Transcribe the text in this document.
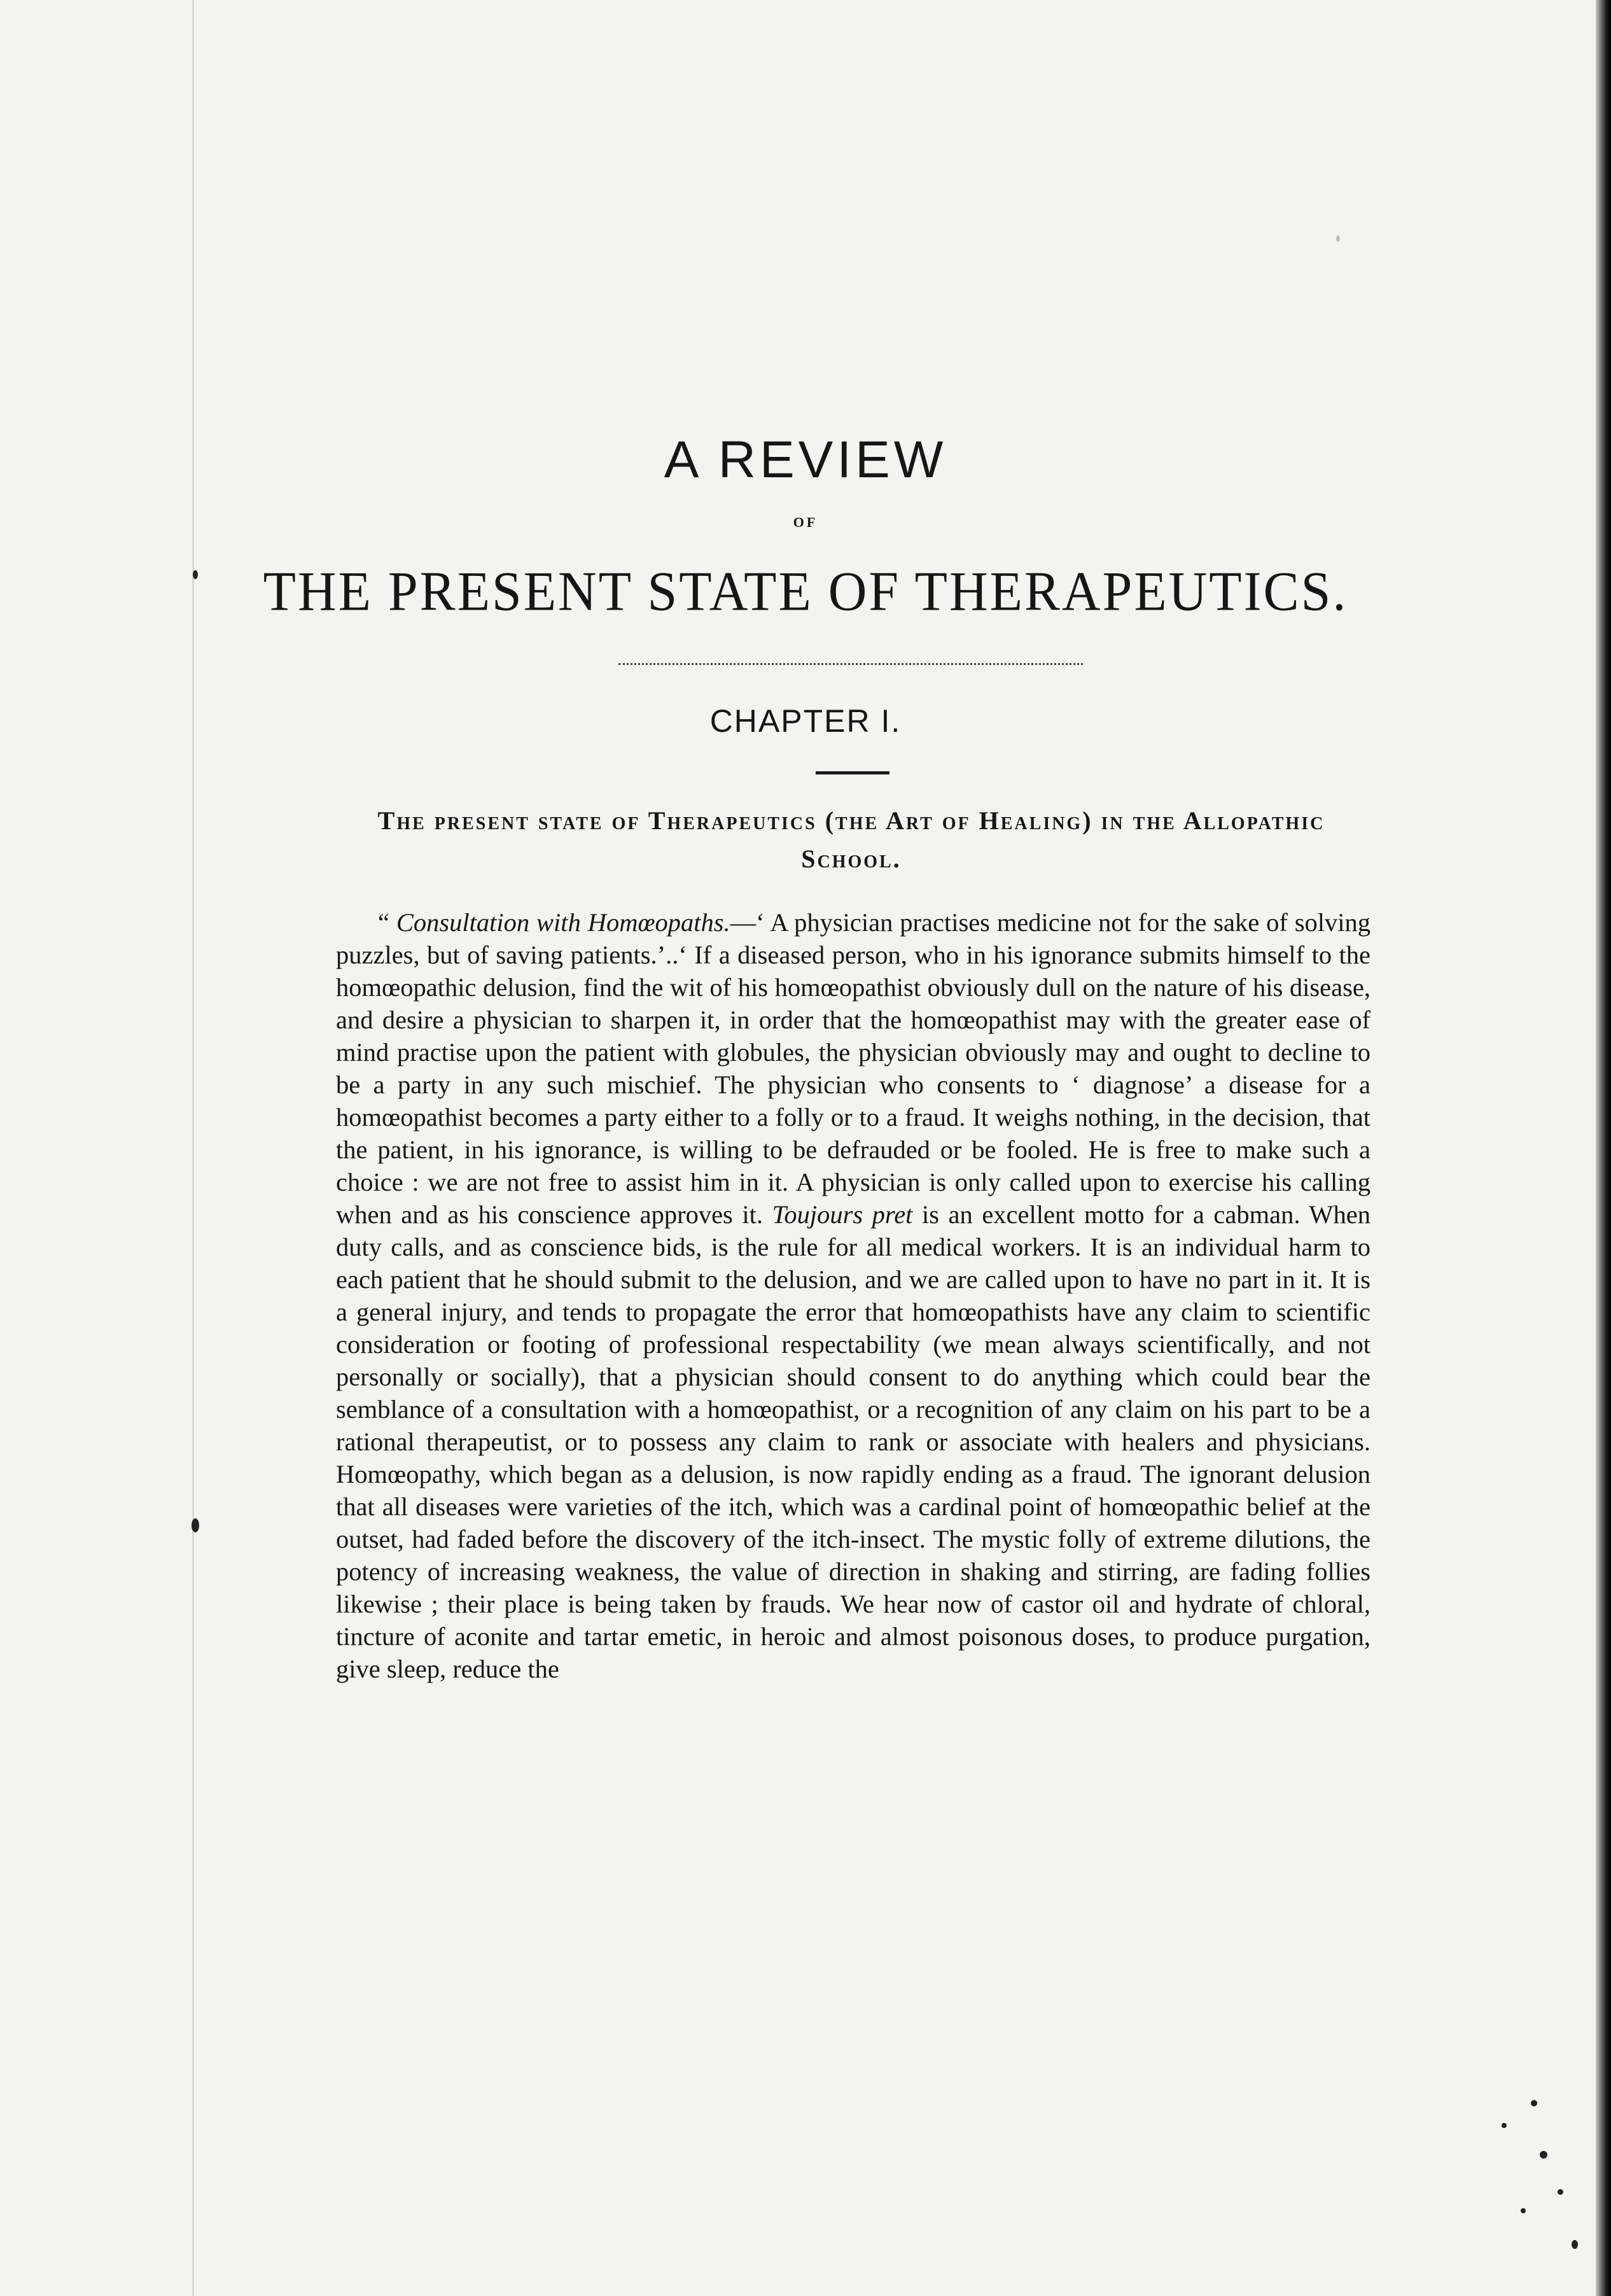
A REVIEW
OF
THE PRESENT STATE OF THERAPEUTICS.
CHAPTER I.
The present state of Therapeutics (the Art of Healing) in the Allopathic School.

“ Consultation with Homœopaths.—‘ A physician practises medicine not for the sake of solving puzzles, but of saving patients.’..‘ If a diseased person, who in his ignorance submits himself to the homœopathic delusion, find the wit of his homœopathist obviously dull on the nature of his disease, and desire a physician to sharpen it, in order that the homœopathist may with the greater ease of mind practise upon the patient with globules, the physician obviously may and ought to decline to be a party in any such mischief. The physician who consents to ‘ diagnose’ a disease for a homœopathist becomes a party either to a folly or to a fraud. It weighs nothing, in the decision, that the patient, in his ignorance, is willing to be defrauded or be fooled. He is free to make such a choice : we are not free to assist him in it. A physician is only called upon to exercise his calling when and as his conscience approves it. Toujours pret is an excellent motto for a cabman. When duty calls, and as conscience bids, is the rule for all medical workers. It is an individual harm to each patient that he should submit to the delusion, and we are called upon to have no part in it. It is a general injury, and tends to propagate the error that homœopathists have any claim to scientific consideration or footing of professional respectability (we mean always scientifically, and not personally or socially), that a physician should consent to do anything which could bear the semblance of a consultation with a homœopathist, or a recognition of any claim on his part to be a rational therapeutist, or to possess any claim to rank or associate with healers and physicians. Homœopathy, which began as a delusion, is now rapidly ending as a fraud. The ignorant delusion that all diseases were varieties of the itch, which was a cardinal point of homœopathic belief at the outset, had faded before the discovery of the itch-insect. The mystic folly of extreme dilutions, the potency of increasing weakness, the value of direction in shaking and stirring, are fading follies likewise ; their place is being taken by frauds. We hear now of castor oil and hydrate of chloral, tincture of aconite and tartar emetic, in heroic and almost poisonous doses, to produce purgation, give sleep, reduce the
